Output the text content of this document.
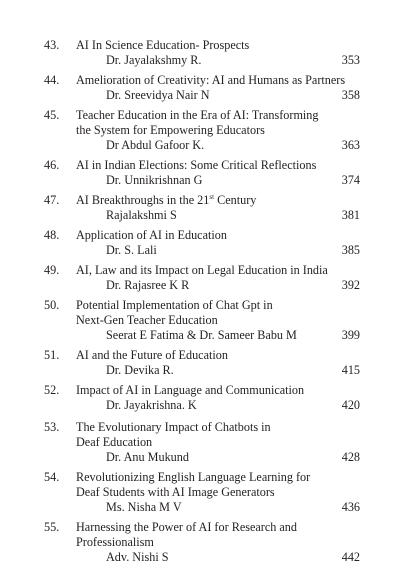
43. AI In Science Education- Prospects
Dr. Jayalakshmy R.	353
44. Amelioration of Creativity: AI and Humans as Partners
Dr. Sreevidya Nair N	358
45. Teacher Education in the Era of AI: Transforming
the System for Empowering Educators
Dr Abdul Gafoor K.	363
46. AI in Indian Elections: Some Critical Reflections
Dr. Unnikrishnan G	374
47. AI Breakthroughs in the 21st Century
Rajalakshmi S	381
48. Application of AI in Education
Dr. S. Lali	385
49. AI, Law and its Impact on Legal Education in India
Dr. Rajasree K R	392
50. Potential Implementation of Chat Gpt in
Next-Gen Teacher Education
Seerat E Fatima & Dr. Sameer Babu M	399
51. AI and the Future of Education
Dr. Devika R.	415
52. Impact of AI in Language and Communication
Dr. Jayakrishna. K	420
53. The Evolutionary Impact of Chatbots in
Deaf Education
Dr. Anu Mukund	428
54. Revolutionizing English Language Learning for
Deaf Students with AI Image Generators
Ms. Nisha M V	436
55. Harnessing the Power of AI for Research and
Professionalism
Adv. Nishi S	442
